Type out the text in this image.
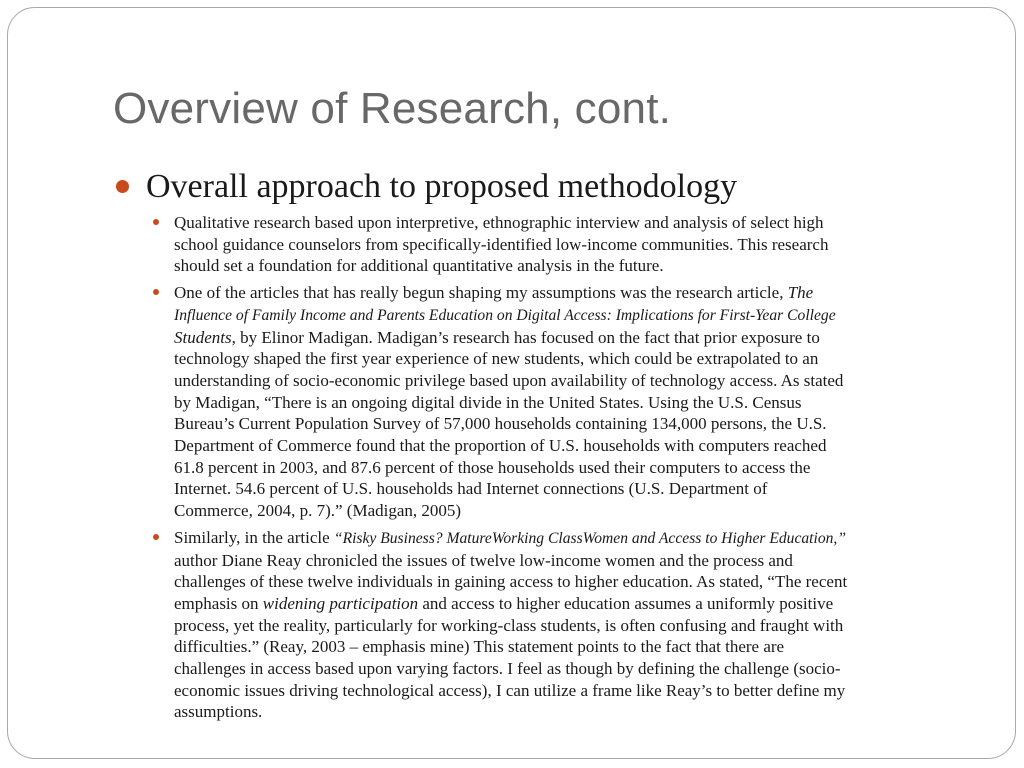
Overview of Research, cont.
Overall approach to proposed methodology

Qualitative research based upon interpretive, ethnographic interview and analysis of select high
school guidance counselors from specifically-identified low-income communities. This research
should set a foundation for additional quantitative analysis in the future.

One of the articles that has really begun shaping my assumptions was the research article, The
Influence of Family Income and Parents Education on Digital Access: Implications for First-Year College
Students, by Elinor Madigan. Madigan’s research has focused on the fact that prior exposure to
technology shaped the first year experience of new students, which could be extrapolated to an
understanding of socio-economic privilege based upon availability of technology access. As stated
by Madigan, “There is an ongoing digital divide in the United States. Using the U.S. Census
Bureau’s Current Population Survey of 57,000 households containing 134,000 persons, the U.S.
Department of Commerce found that the proportion of U.S. households with computers reached
61.8 percent in 2003, and 87.6 percent of those households used their computers to access the
Internet. 54.6 percent of U.S. households had Internet connections (U.S. Department of
Commerce, 2004, p. 7).” (Madigan, 2005)

Similarly, in the article “Risky Business? MatureWorking ClassWomen and Access to Higher Education,”
author Diane Reay chronicled the issues of twelve low-income women and the process and
challenges of these twelve individuals in gaining access to higher education. As stated, “The recent
emphasis on widening participation and access to higher education assumes a uniformly positive
process, yet the reality, particularly for working-class students, is often confusing and fraught with
difficulties.” (Reay, 2003 – emphasis mine) This statement points to the fact that there are
challenges in access based upon varying factors. I feel as though by defining the challenge (socio-
economic issues driving technological access), I can utilize a frame like Reay’s to better define my
assumptions.
